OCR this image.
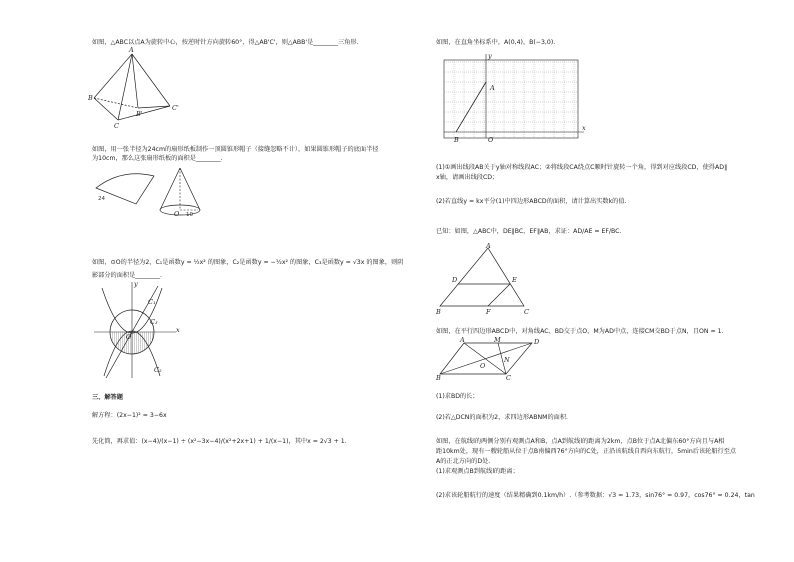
如图，△ABC以点A为旋转中心，按逆时针方向旋转60°，得△AB'C'，则△ABB'是________三角形.
A
B
C
B'
C'
如图，用一张半径为24cm的扇形纸板制作一顶圆锥形帽子（接缝忽略不计），如果圆锥形帽子的底面半径
为10cm，那么这张扇形纸板的面积是________.
24
O 10
如图，⊙O的半径为2，C₁是函数y = ½x² 的图象，C₂是函数y = −½x² 的图象，C₃是函数y = √3x 的图象，则阴
影部分的面积是________.
y
x
O
C₁
C₃
C₂
三、解答题
解方程：(2x−1)² = 3−6x
先化简，再求值：(x−4)/(x−1) ÷ (x²−3x−4)/(x²+2x+1) + 1/(x−1)，其中x = 2√3 + 1.
如图，在直角坐标系中，A(0,4)，B(−3,0).
y
x
A
B	O
(1)①画出线段AB关于y轴对称线段AC；②将线段CA绕点C顺时针旋转一个角，得到对应线段CD，使得AD∥
x轴，请画出线段CD；
(2)若直线y = kx平分(1)中四边形ABCD的面积，请计算出实数k的值.
已知：如图，△ABC中，DE∥BC，EF∥AB，求证：AD/AE = EF/BC.
A
D	E
B	F	C
如图，在平行四边形ABCD中，对角线AC、BD交于点O，M为AD中点，连接CM交BD于点N，且ON = 1.
A	M	D
B	C
O
N
(1)求BD的长；
(2)若△DCN的面积为2，求四边形ABNM的面积.
如图，在航线l的两侧分别有观测点A和B，点A到航线l的距离为2km，点B位于点A北偏东60°方向且与A相
距10km处，现有一艘轮船从位于点B南偏西76°方向的C处，正沿该航线自西向东航行，5min后该轮船行至点
A的正北方向的D处.
(1)求观测点B到航线l的距离；
(2)求该轮船航行的速度（结果精确到0.1km/h）.（参考数据：√3 ≈ 1.73，sin76° ≈ 0.97，cos76° ≈ 0.24，tan
